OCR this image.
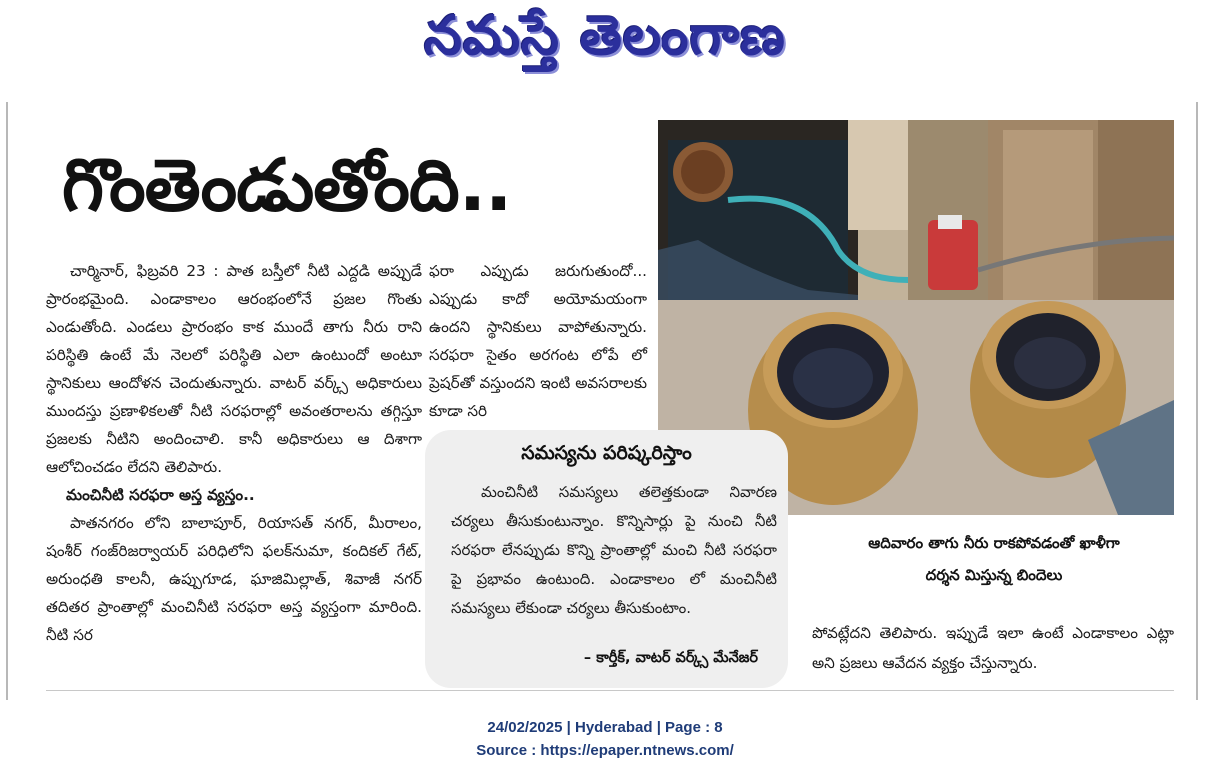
నమస్తే తెలంగాణ
గొంతెండుతోంది..

చార్మినార్, ఫిబ్రవరి 23 : పాత బస్తీలో నీటి ఎద్దడి అప్పుడే ప్రారంభమైంది. ఎండాకాలం ఆరంభంలోనే ప్రజల గొంతు ఎండుతోంది. ఎండలు ప్రారంభం కాక ముందే తాగు నీరు రాని పరిస్థితి ఉంటే మే నెలలో పరిస్థితి ఎలా ఉంటుందో అంటూ స్థానికులు ఆందోళన చెందుతున్నారు. వాటర్ వర్క్స్ అధికారులు ముందస్తు ప్రణాళికలతో నీటి సరఫరాల్లో అవంతరాలను తగ్గిస్తూ ప్రజలకు నీటిని అందించాలి. కానీ అధికారులు ఆ దిశాగా ఆలోచించడం లేదని తెలిపారు.

మంచినీటి సరఫరా అస్త వ్యస్తం..

పాతనగరం లోని బాలాపూర్, రియాసత్ నగర్, మీరాలం, షంశీర్ గంజ్‌రిజర్వాయర్ పరిధిలోని ఫలక్‌నుమా, కందికల్ గేట్, అరుంధతి కాలనీ, ఉప్పుగూడ, ఘాజిమిల్లాత్, శివాజీ నగర్ తదితర ప్రాంతాల్లో మంచినీటి సరఫరా అస్త వ్యస్తంగా మారింది. నీటి సర

ఫరా ఎప్పుడు జరుగుతుందో... ఎప్పుడు కాదో అయోమయంగా ఉందని స్థానికులు వాపోతున్నారు. సరఫరా సైతం అరగంట లోపే లో ప్రెషర్‌తో వస్తుందని ఇంటి అవసరాలకు కూడా సరి

ఆదివారం తాగు నీరు రాకపోవడంతో ఖాళీగా
దర్శన మిస్తున్న బిందెలు

పోవట్లేదని తెలిపారు. ఇప్పుడే ఇలా ఉంటే ఎండాకాలం ఎట్లా అని ప్రజలు ఆవేదన వ్యక్తం చేస్తున్నారు.

సమస్యను పరిష్కరిస్తాం

మంచినీటి సమస్యలు తలెత్తకుండా నివారణ చర్యలు తీసుకుంటున్నాం. కొన్నిసార్లు పై నుంచి నీటి సరఫరా లేనప్పుడు కొన్ని ప్రాంతాల్లో మంచి నీటి సరఫరా పై ప్రభావం ఉంటుంది. ఎండాకాలం లో మంచినీటి సమస్యలు లేకుండా చర్యలు తీసుకుంటాం.

– కార్తీక్, వాటర్ వర్క్స్ మేనేజర్
24/02/2025 | Hyderabad | Page : 8
Source : https://epaper.ntnews.com/
